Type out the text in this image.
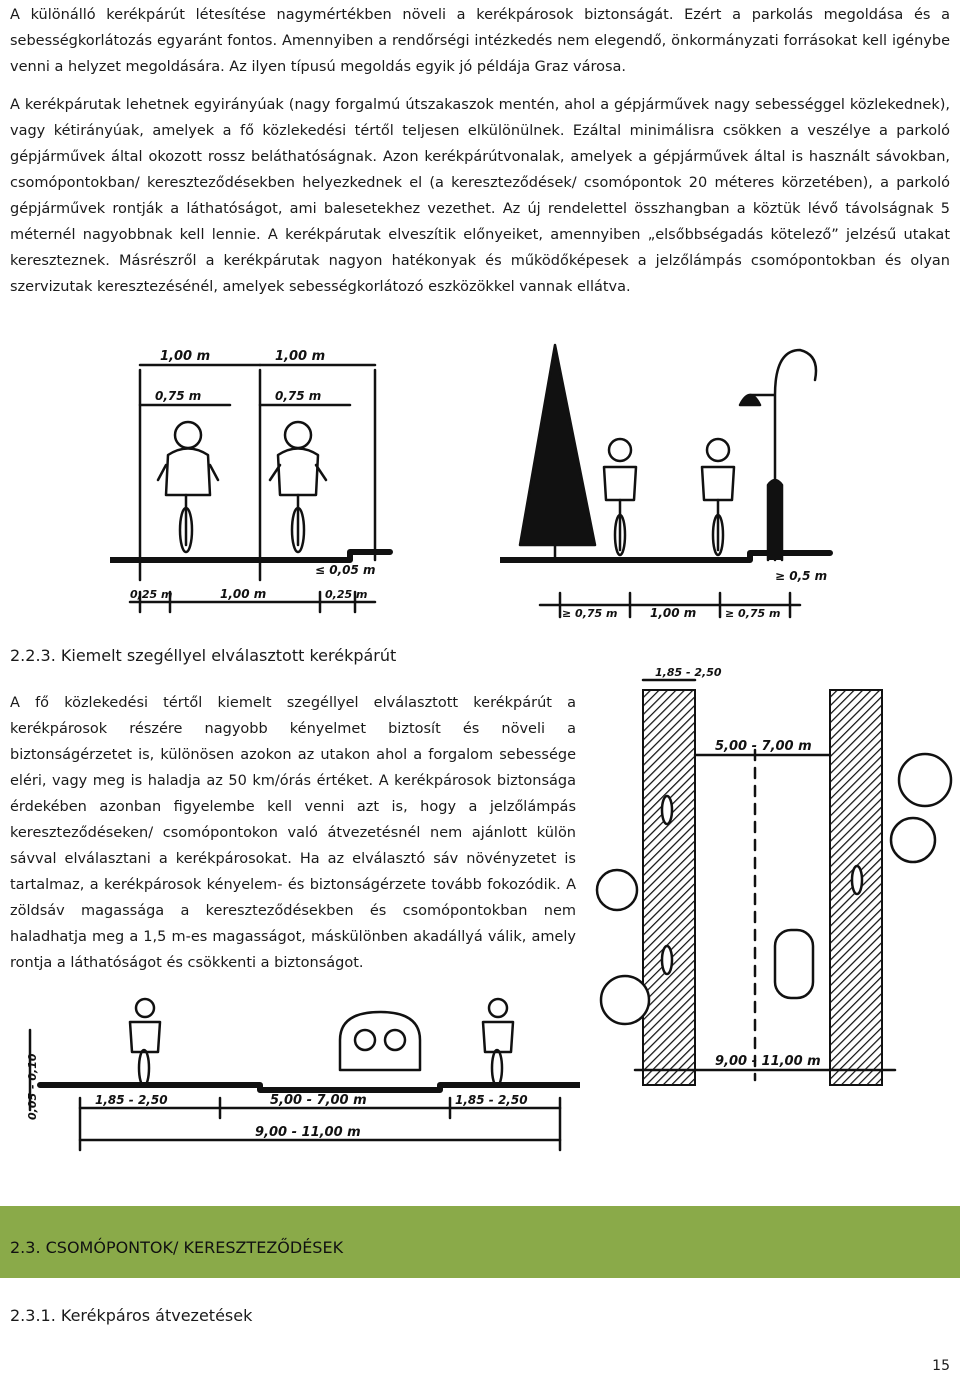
A különálló kerékpárút létesítése nagymértékben növeli a kerékpárosok biztonságát. Ezért a parkolás megoldása és a sebességkorlátozás egyaránt fontos. Amennyiben a rendőrségi intézkedés nem elegendő, önkormányzati forrásokat kell igénybe venni a helyzet megoldására. Az ilyen típusú megoldás egyik jó példája Graz városa.

A kerékpárutak lehetnek egyirányúak (nagy forgalmú útszakaszok mentén, ahol a gépjárművek nagy sebességgel közlekednek), vagy kétirányúak, amelyek a fő közlekedési tértől teljesen elkülönülnek. Ezáltal minimálisra csökken a veszélye a parkoló gépjárművek által okozott rossz beláthatóságnak. Azon kerékpárútvonalak, amelyek a gépjárművek által is használt sávokban, csomópontokban/ kereszteződésekben helyezkednek el (a kereszteződések/ csomópontok 20 méteres körzetében), a parkoló gépjárművek rontják a láthatóságot, ami balesetekhez vezethet. Az új rendelettel összhangban a köztük lévő távolságnak 5 méternél nagyobbnak kell lennie. A kerékpárutak elveszítik előnyeiket, amennyiben „elsőbbségadás kötelező” jelzésű utakat kereszteznek. Másrészről a kerékpárutak nagyon hatékonyak és működőképesek a jelzőlámpás csomópontokban és olyan szervizutak keresztezésénél, amelyek sebességkorlátozó eszközökkel vannak ellátva.

1,00 m	1,00 m
0,75 m	0,75 m
≤ 0,05 m
0,25 m	1,00 m	0,25 m
≥ 0,5 m
≥ 0,75 m	1,00 m	≥ 0,75 m
2.2.3. Kiemelt szegéllyel elválasztott kerékpárút

A fő közlekedési tértől kiemelt szegéllyel elválasztott kerékpárút a kerékpárosok részére nagyobb kényelmet biztosít és növeli a biztonságérzetet is, különösen azokon az utakon ahol a forgalom sebessége eléri, vagy meg is haladja az 50 km/órás értéket. A kerékpárosok biztonsága érdekében azonban figyelembe kell venni azt is, hogy a jelzőlámpás kereszteződéseken/ csomópontokon való átvezetésnél nem ajánlott külön sávval elválasztani a kerékpárosokat. Ha az elválasztó sáv növényzetet is tartalmaz, a kerékpárosok kényelem- és biztonságérzete tovább fokozódik. A zöldsáv magassága a kereszteződésekben és csomópontokban nem haladhatja meg a 1,5 m-es magasságot, máskülönben akadállyá válik, amely rontja a láthatóságot és csökkenti a biztonságot.

1,85 - 2,50
5,00 - 7,00 m
9,00 - 11,00 m
0,05 - 0,10	1,85 - 2,50	5,00 - 7,00 m	1,85 - 2,50
9,00 - 11,00 m
2.3. CSOMÓPONTOK/ KERESZTEZŐDÉSEK
2.3.1. Kerékpáros átvezetések
15
